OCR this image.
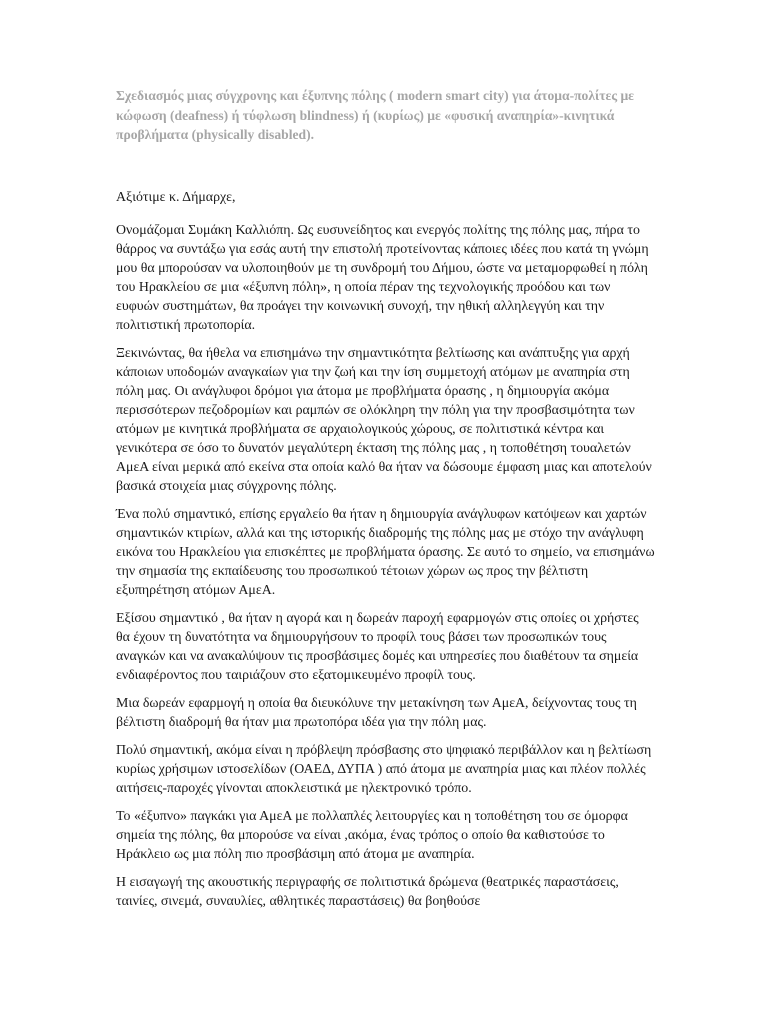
Σχεδιασμός μιας σύγχρονης και έξυπνης πόλης ( modern smart city) για άτομα-πολίτες με κώφωση (deafness) ή τύφλωση blindness) ή (κυρίως) με «φυσική αναπηρία»-κινητικά προβλήματα (physically disabled).

Αξιότιμε κ. Δήμαρχε,

Ονομάζομαι Συμάκη Καλλιόπη. Ως ευσυνείδητος και ενεργός πολίτης της πόλης μας, πήρα το θάρρος να συντάξω για εσάς αυτή την επιστολή προτείνοντας κάποιες ιδέες που κατά τη γνώμη μου θα μπορούσαν να υλοποιηθούν με τη συνδρομή του Δήμου, ώστε να μεταμορφωθεί η πόλη του Ηρακλείου σε μια «έξυπνη πόλη», η οποία πέραν της τεχνολογικής προόδου και των ευφυών συστημάτων, θα προάγει την κοινωνική συνοχή, την ηθική αλληλεγγύη και την πολιτιστική πρωτοπορία.

Ξεκινώντας, θα ήθελα να επισημάνω την σημαντικότητα βελτίωσης και ανάπτυξης για αρχή κάποιων υποδομών αναγκαίων για την ζωή και την ίση συμμετοχή ατόμων με αναπηρία στη πόλη μας. Οι ανάγλυφοι δρόμοι για άτομα με προβλήματα όρασης , η δημιουργία ακόμα περισσότερων πεζοδρομίων και ραμπών σε ολόκληρη την πόλη για την προσβασιμότητα των ατόμων με κινητικά προβλήματα σε αρχαιολογικούς χώρους, σε πολιτιστικά κέντρα και γενικότερα σε όσο το δυνατόν μεγαλύτερη έκταση της πόλης μας , η τοποθέτηση τουαλετών ΑμεΑ είναι μερικά από εκείνα στα οποία καλό θα ήταν να δώσουμε έμφαση μιας και αποτελούν βασικά στοιχεία μιας σύγχρονης πόλης.

Ένα πολύ σημαντικό, επίσης εργαλείο θα ήταν η δημιουργία ανάγλυφων κατόψεων και χαρτών σημαντικών κτιρίων, αλλά και της ιστορικής διαδρομής της πόλης μας με στόχο την ανάγλυφη εικόνα του Ηρακλείου για επισκέπτες με προβλήματα όρασης. Σε αυτό το σημείο, να επισημάνω την σημασία της εκπαίδευσης του προσωπικού τέτοιων χώρων ως προς την βέλτιστη εξυπηρέτηση ατόμων ΑμεΑ.

Εξίσου σημαντικό , θα ήταν η αγορά και η δωρεάν παροχή εφαρμογών στις οποίες οι χρήστες θα έχουν τη δυνατότητα να δημιουργήσουν το προφίλ τους βάσει των προσωπικών τους αναγκών και να ανακαλύψουν τις προσβάσιμες δομές και υπηρεσίες που διαθέτουν τα σημεία ενδιαφέροντος που ταιριάζουν στο εξατομικευμένο προφίλ τους.

Μια δωρεάν εφαρμογή η οποία θα διευκόλυνε την μετακίνηση των ΑμεΑ, δείχνοντας τους τη βέλτιστη διαδρομή θα ήταν μια πρωτοπόρα ιδέα για την πόλη μας.

Πολύ σημαντική, ακόμα είναι η πρόβλεψη πρόσβασης στο ψηφιακό περιβάλλον και η βελτίωση κυρίως χρήσιμων ιστοσελίδων (ΟΑΕΔ, ΔΥΠΑ ) από άτομα με αναπηρία μιας και πλέον πολλές αιτήσεις-παροχές γίνονται αποκλειστικά με ηλεκτρονικό τρόπο.

Το «έξυπνο» παγκάκι για ΑμεΑ με πολλαπλές λειτουργίες και η τοποθέτηση του σε όμορφα σημεία της πόλης, θα μπορούσε να είναι ,ακόμα, ένας τρόπος ο οποίο θα καθιστούσε το Ηράκλειο ως μια πόλη πιο προσβάσιμη από άτομα με αναπηρία.

Η εισαγωγή της ακουστικής περιγραφής σε πολιτιστικά δρώμενα (θεατρικές παραστάσεις, ταινίες, σινεμά, συναυλίες, αθλητικές παραστάσεις) θα βοηθούσε
